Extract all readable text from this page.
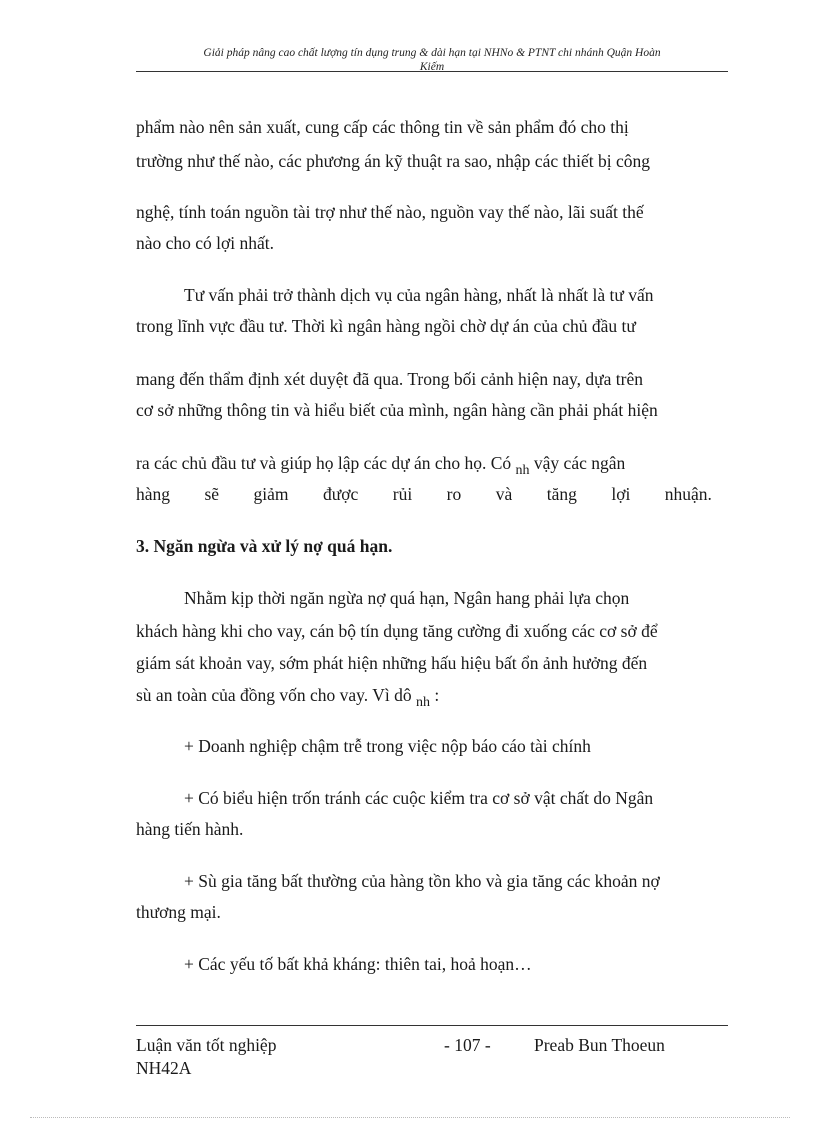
Giải pháp nâng cao chất lượng tín dụng trung & dài hạn tại NHNo & PTNT chi nhánh Quận Hoàn
Kiếm
phẩm nào nên sản xuất, cung cấp các thông tin về sản phẩm đó cho thị
trường như thế nào, các phương án kỹ thuật ra sao, nhập các thiết bị công
nghệ, tính toán nguồn tài trợ như thế nào, nguồn vay thế nào, lãi suất thế
nào cho có lợi nhất.
Tư vấn phải trở thành dịch vụ của ngân hàng, nhất là nhất là tư vấn
trong lĩnh vực đầu tư. Thời kì ngân hàng ngồi chờ dự án của chủ đầu tư
mang đến thẩm định xét duyệt đã qua. Trong bối cảnh hiện nay, dựa trên
cơ sở những thông tin và hiểu biết của mình, ngân hàng cần phải phát hiện
ra các chủ đầu tư và giúp họ lập các dự án cho họ. Có $_{nh}$ vậy các ngân
hàng sẽ giảm được rủi ro và tăng lợi nhuận.
3. Ngăn ngừa và xử lý nợ quá hạn.
Nhằm kịp thời ngăn ngừa nợ quá hạn, Ngân hang phải lựa chọn
khách hàng khi cho vay, cán bộ tín dụng tăng cường đi xuống các cơ sở để
giám sát khoản vay, sớm phát hiện những hấu hiệu bất ổn ảnh hưởng đến
sù an toàn của đồng vốn cho vay. Vì dô $_{nh}$ :
+ Doanh nghiệp chậm trễ trong việc nộp báo cáo tài chính
+ Có biểu hiện trốn tránh các cuộc kiểm tra cơ sở vật chất do Ngân
hàng tiến hành.
+ Sù gia tăng bất thường của hàng tồn kho và gia tăng các khoản nợ
thương mại.
+ Các yếu tố bất khả kháng: thiên tai, hoả hoạn…
Luận văn tốt nghiệp
NH42A
- 107 - Preab Bun Thoeun
